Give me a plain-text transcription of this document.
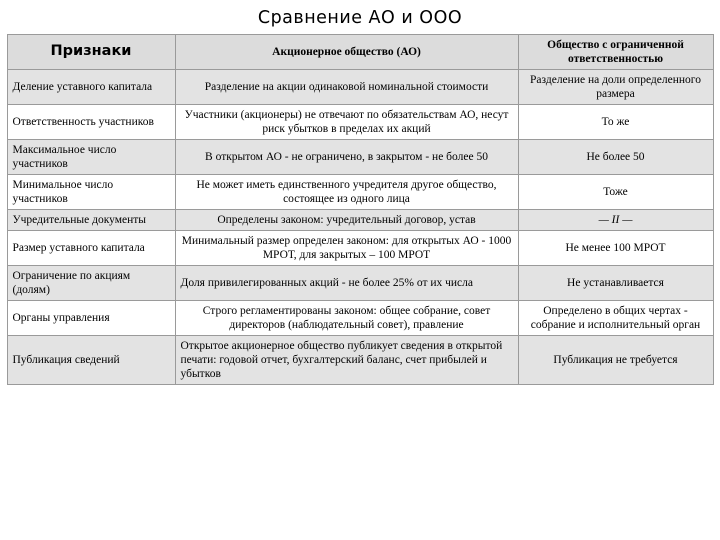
Сравнение АО и ООО
Признаки	Акционерное общество (АО)	Общество с ограниченной ответственностью
Деление уставного капитала	Разделение на акции одинаковой номинальной стоимости	Разделение на доли определенного размера
Ответственность участников	Участники (акционеры) не отвечают по обязательствам АО, несут риск убытков в пределах их акций	То же
Максимальное число участников	В открытом АО - не ограничено, в закрытом - не более 50	Не более 50
Минимальное число участников	Не может иметь единственного учредителя другое общество, состоящее из одного лица	Тоже
Учредительные документы	Определены законом: учредительный договор, устав	— II —
Размер уставного капитала	Минимальный размер определен законом: для открытых АО - 1000 МРОТ, для закрытых – 100 МРОТ	Не менее 100 МРОТ
Ограничение по акциям (долям)	Доля привилегированных акций - не более 25% от их числа	Не устанавливается
Органы управления	Строго регламентированы законом: общее собрание, совет директоров (наблюдательный совет), правление	Определено в общих чертах - собрание и исполнительный орган
Публикация сведений	Открытое акционерное общество публикует сведения в открытой печати: годовой отчет, бухгалтерский баланс, счет прибылей и убытков	Публикация не требуется
